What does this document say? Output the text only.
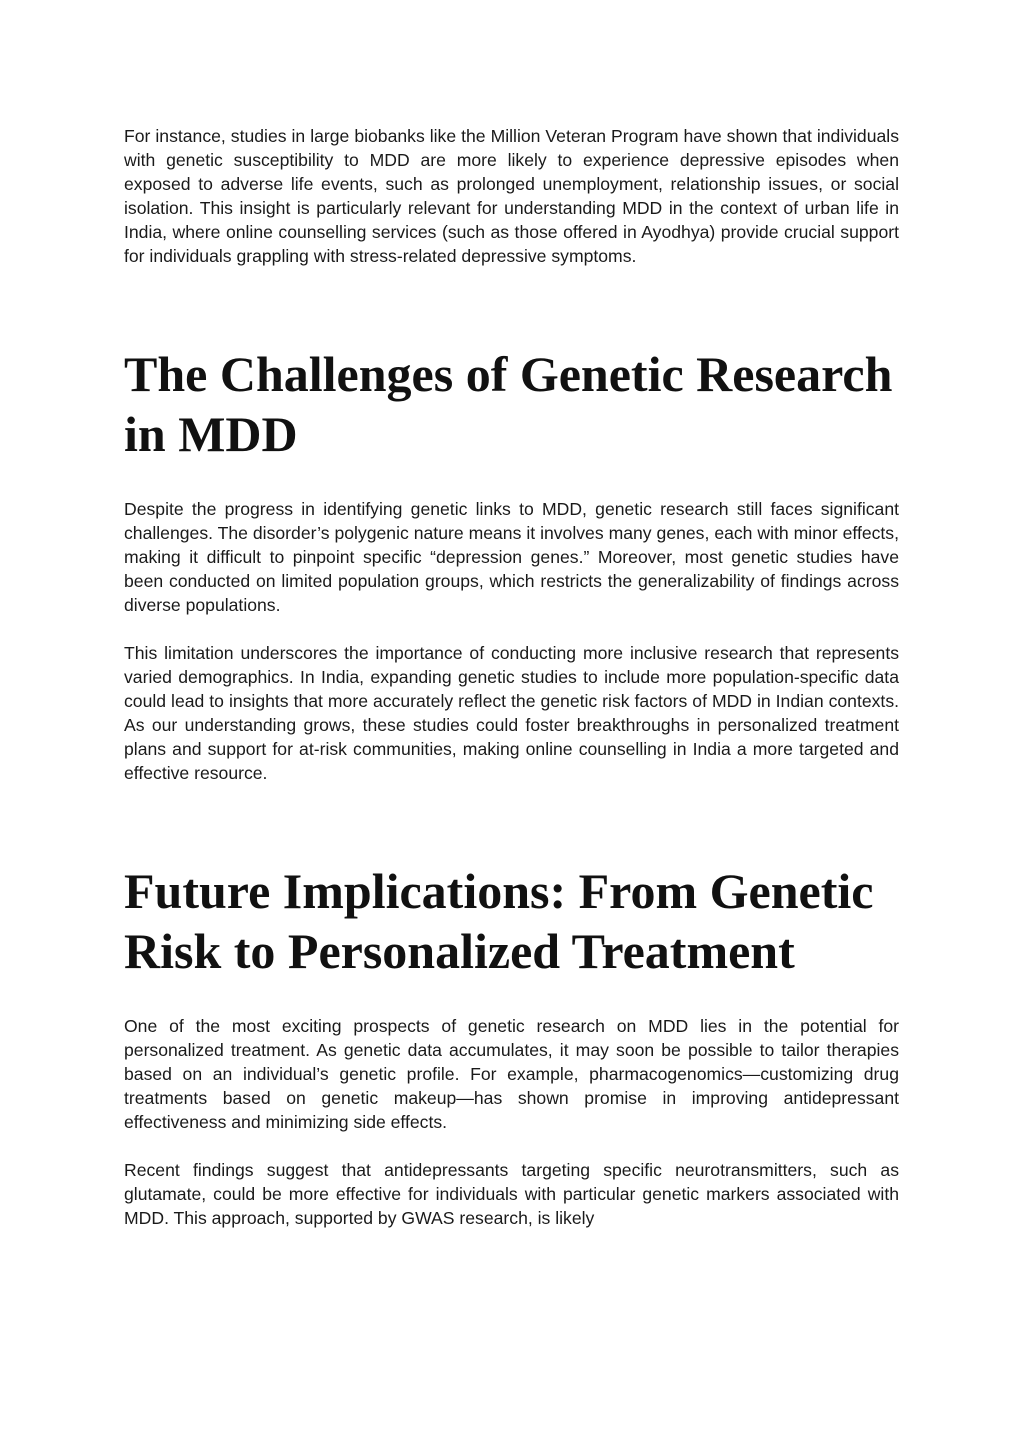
For instance, studies in large biobanks like the Million Veteran Program have shown that individuals with genetic susceptibility to MDD are more likely to experience depressive episodes when exposed to adverse life events, such as prolonged unemployment, relationship issues, or social isolation. This insight is particularly relevant for understanding MDD in the context of urban life in India, where online counselling services (such as those offered in Ayodhya) provide crucial support for individuals grappling with stress-related depressive symptoms.

The Challenges of Genetic Research in MDD

Despite the progress in identifying genetic links to MDD, genetic research still faces significant challenges. The disorder’s polygenic nature means it involves many genes, each with minor effects, making it difficult to pinpoint specific “depression genes.” Moreover, most genetic studies have been conducted on limited population groups, which restricts the generalizability of findings across diverse populations.

This limitation underscores the importance of conducting more inclusive research that represents varied demographics. In India, expanding genetic studies to include more population-specific data could lead to insights that more accurately reflect the genetic risk factors of MDD in Indian contexts. As our understanding grows, these studies could foster breakthroughs in personalized treatment plans and support for at-risk communities, making online counselling in India a more targeted and effective resource.

Future Implications: From Genetic Risk to Personalized Treatment

One of the most exciting prospects of genetic research on MDD lies in the potential for personalized treatment. As genetic data accumulates, it may soon be possible to tailor therapies based on an individual’s genetic profile. For example, pharmacogenomics—customizing drug treatments based on genetic makeup—has shown promise in improving antidepressant effectiveness and minimizing side effects.

Recent findings suggest that antidepressants targeting specific neurotransmitters, such as glutamate, could be more effective for individuals with particular genetic markers associated with MDD. This approach, supported by GWAS research, is likely
